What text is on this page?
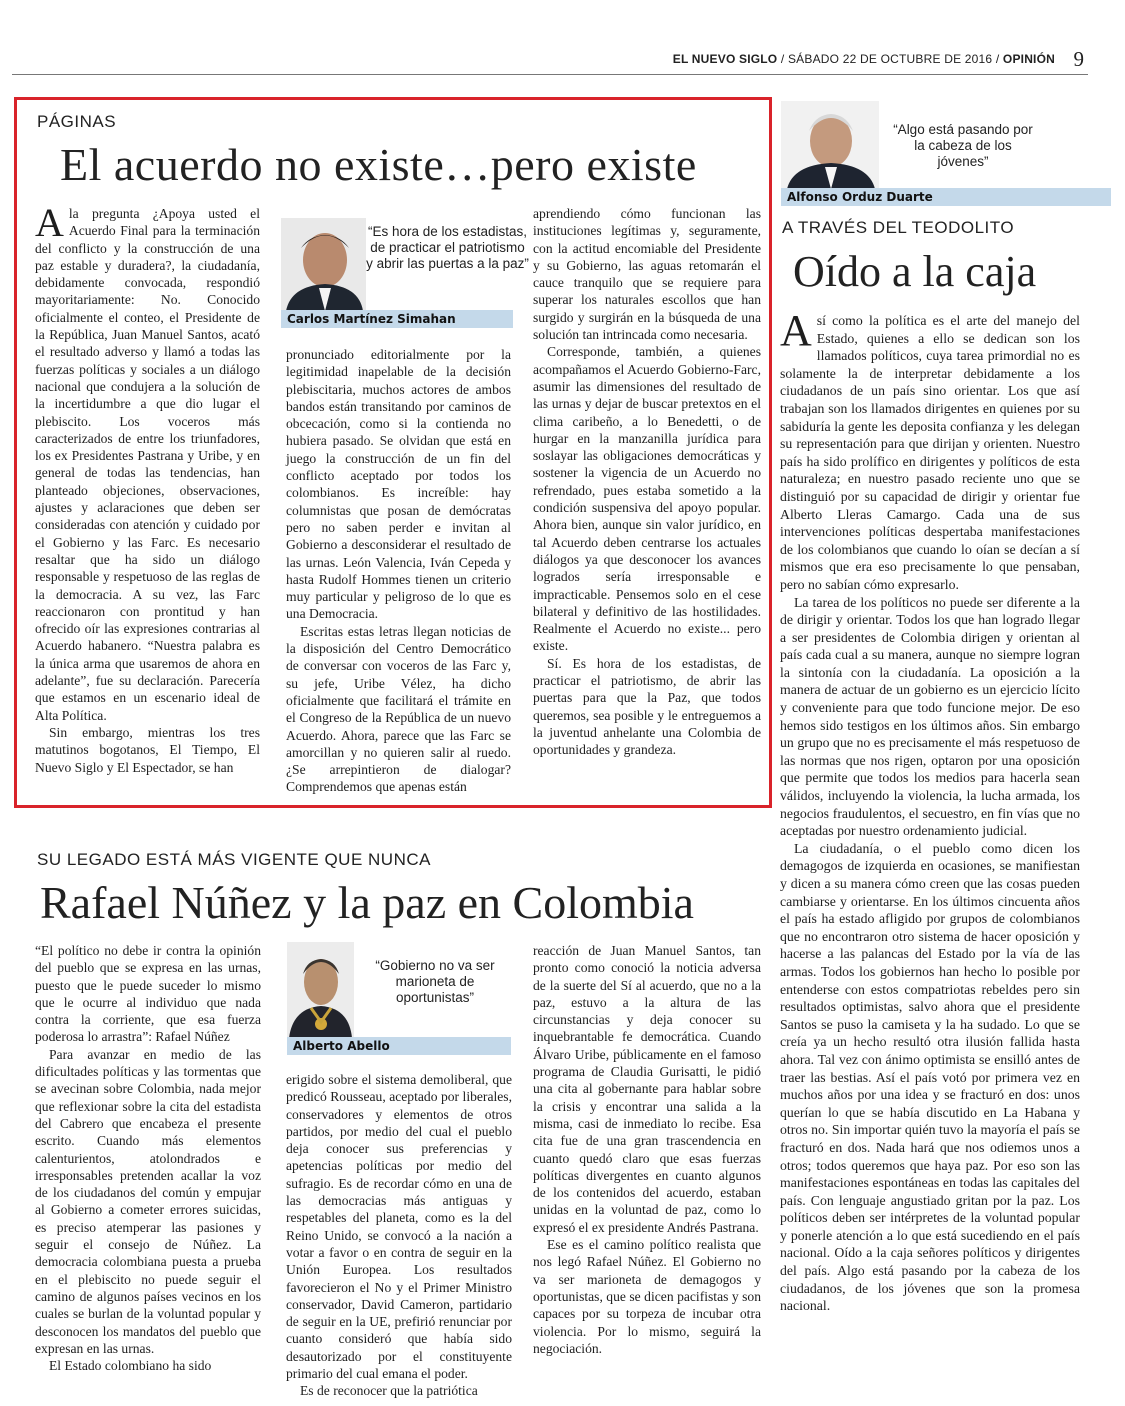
EL NUEVO SIGLO / SÁBADO 22 DE OCTUBRE DE 2016 / OPINIÓN 9
PÁGINAS
El acuerdo no existe…pero existe

Ala pregunta ¿Apoya usted el Acuerdo Final para la terminación del conflicto y la construcción de una paz estable y duradera?, la ciudadanía, debidamente convocada, respondió mayoritariamente: No. Conocido oficialmente el conteo, el Presidente de la República, Juan Manuel Santos, acató el resultado adverso y llamó a todas las fuerzas políticas y sociales a un diálogo nacional que condujera a la solución de la incertidumbre a que dio lugar el plebiscito. Los voceros más caracterizados de entre los triunfadores, los ex Presidentes Pastrana y Uribe, y en general de todas las tendencias, han planteado objeciones, observaciones, ajustes y aclaraciones que deben ser consideradas con atención y cuidado por el Gobierno y las Farc. Es necesario resaltar que ha sido un diálogo responsable y respetuoso de las reglas de la democracia. A su vez, las Farc reaccionaron con prontitud y han ofrecido oír las expresiones contrarias al Acuerdo habanero. “Nuestra palabra es la única arma que usaremos de ahora en adelante”, fue su declaración. Parecería que estamos en un escenario ideal de Alta Política.

Sin embargo, mientras los tres matutinos bogotanos, El Tiempo, El Nuevo Siglo y El Espectador, se han

“Es hora de los estadistas, de practicar el patriotismo y abrir las puertas a la paz”
Carlos Martínez Simahan

pronunciado editorialmente por la legitimidad inapelable de la decisión plebiscitaria, muchos actores de ambos bandos están transitando por caminos de obcecación, como si la contienda no hubiera pasado. Se olvidan que está en juego la construcción de un fin del conflicto aceptado por todos los colombianos. Es increíble: hay columnistas que posan de demócratas pero no saben perder e invitan al Gobierno a desconsiderar el resultado de las urnas. León Valencia, Iván Cepeda y hasta Rudolf Hommes tienen un criterio muy particular y peligroso de lo que es una Democracia.

Escritas estas letras llegan noticias de la disposición del Centro Democrático de conversar con voceros de las Farc y, su jefe, Uribe Vélez, ha dicho oficialmente que facilitará el trámite en el Congreso de la República de un nuevo Acuerdo. Ahora, parece que las Farc se amorcillan y no quieren salir al ruedo. ¿Se arrepintieron de dialogar? Comprendemos que apenas están

aprendiendo cómo funcionan las instituciones legítimas y, seguramente, con la actitud encomiable del Presidente y su Gobierno, las aguas retomarán el cauce tranquilo que se requiere para superar los naturales escollos que han surgido y surgirán en la búsqueda de una solución tan intrincada como necesaria.

Corresponde, también, a quienes acompañamos el Acuerdo Gobierno-Farc, asumir las dimensiones del resultado de las urnas y dejar de buscar pretextos en el clima caribeño, a lo Benedetti, o de hurgar en la manzanilla jurídica para soslayar las obligaciones democráticas y sostener la vigencia de un Acuerdo no refrendado, pues estaba sometido a la condición suspensiva del apoyo popular. Ahora bien, aunque sin valor jurídico, en tal Acuerdo deben centrarse los actuales diálogos ya que desconocer los avances logrados sería irresponsable e impracticable. Pensemos solo en el cese bilateral y definitivo de las hostilidades. Realmente el Acuerdo no existe... pero existe.

Sí. Es hora de los estadistas, de practicar el patriotismo, de abrir las puertas para que la Paz, que todos queremos, sea posible y le entreguemos a la juventud anhelante una Colombia de oportunidades y grandeza.

SU LEGADO ESTÁ MÁS VIGENTE QUE NUNCA
Rafael Núñez y la paz en Colombia

“El político no debe ir contra la opinión del pueblo que se expresa en las urnas, puesto que le puede suceder lo mismo que le ocurre al individuo que nada contra la corriente, que esa fuerza poderosa lo arrastra”: Rafael Núñez

Para avanzar en medio de las dificultades políticas y las tormentas que se avecinan sobre Colombia, nada mejor que reflexionar sobre la cita del estadista del Cabrero que encabeza el presente escrito. Cuando más elementos calenturientos, atolondrados e irresponsables pretenden acallar la voz de los ciudadanos del común y empujar al Gobierno a cometer errores suicidas, es preciso atemperar las pasiones y seguir el consejo de Núñez. La democracia colombiana puesta a prueba en el plebiscito no puede seguir el camino de algunos países vecinos en los cuales se burlan de la voluntad popular y desconocen los mandatos del pueblo que expresan en las urnas.

El Estado colombiano ha sido

“Gobierno no va ser marioneta de oportunistas”
Alberto Abello

erigido sobre el sistema demoliberal, que predicó Rousseau, aceptado por liberales, conservadores y elementos de otros partidos, por medio del cual el pueblo deja conocer sus preferencias y apetencias políticas por medio del sufragio. Es de recordar cómo en una de las democracias más antiguas y respetables del planeta, como es la del Reino Unido, se convocó a la nación a votar a favor o en contra de seguir en la Unión Europea. Los resultados favorecieron el No y el Primer Ministro conservador, David Cameron, partidario de seguir en la UE, prefirió renunciar por cuanto consideró que había sido desautorizado por el constituyente primario del cual emana el poder.

Es de reconocer que la patriótica

reacción de Juan Manuel Santos, tan pronto como conoció la noticia adversa de la suerte del Sí al acuerdo, que no a la paz, estuvo a la altura de las circunstancias y deja conocer su inquebrantable fe democrática. Cuando Álvaro Uribe, públicamente en el famoso programa de Claudia Gurisatti, le pidió una cita al gobernante para hablar sobre la crisis y encontrar una salida a la misma, casi de inmediato lo recibe. Esa cita fue de una gran trascendencia en cuanto quedó claro que esas fuerzas políticas divergentes en cuanto algunos de los contenidos del acuerdo, estaban unidas en la voluntad de paz, como lo expresó el ex presidente Andrés Pastrana.

Ese es el camino político realista que nos legó Rafael Núñez. El Gobierno no va ser marioneta de demagogos y oportunistas, que se dicen pacifistas y son capaces por su torpeza de incubar otra violencia. Por lo mismo, seguirá la negociación.

“Algo está pasando por la cabeza de los jóvenes”
Alfonso Orduz Duarte
A TRAVÉS DEL TEODOLITO
Oído a la caja

Así como la política es el arte del manejo del Estado, quienes a ello se dedican son los llamados políticos, cuya tarea primordial no es solamente la de interpretar debidamente a los ciudadanos de un país sino orientar. Los que así trabajan son los llamados dirigentes en quienes por su sabiduría la gente les deposita confianza y les delegan su representación para que dirijan y orienten. Nuestro país ha sido prolífico en dirigentes y políticos de esta naturaleza; en nuestro pasado reciente uno que se distinguió por su capacidad de dirigir y orientar fue Alberto Lleras Camargo. Cada una de sus intervenciones políticas despertaba manifestaciones de los colombianos que cuando lo oían se decían a sí mismos que era eso precisamente lo que pensaban, pero no sabían cómo expresarlo.

La tarea de los políticos no puede ser diferente a la de dirigir y orientar. Todos los que han logrado llegar a ser presidentes de Colombia dirigen y orientan al país cada cual a su manera, aunque no siempre logran la sintonía con la ciudadanía. La oposición a la manera de actuar de un gobierno es un ejercicio lícito y conveniente para que todo funcione mejor. De eso hemos sido testigos en los últimos años. Sin embargo un grupo que no es precisamente el más respetuoso de las normas que nos rigen, optaron por una oposición que permite que todos los medios para hacerla sean válidos, incluyendo la violencia, la lucha armada, los negocios fraudulentos, el secuestro, en fin vías que no aceptadas por nuestro ordenamiento judicial.

La ciudadanía, o el pueblo como dicen los demagogos de izquierda en ocasiones, se manifiestan y dicen a su manera cómo creen que las cosas pueden cambiarse y orientarse. En los últimos cincuenta años el país ha estado afligido por grupos de colombianos que no encontraron otro sistema de hacer oposición y hacerse a las palancas del Estado por la vía de las armas. Todos los gobiernos han hecho lo posible por entenderse con estos compatriotas rebeldes pero sin resultados optimistas, salvo ahora que el presidente Santos se puso la camiseta y la ha sudado. Lo que se creía ya un hecho resultó otra ilusión fallida hasta ahora. Tal vez con ánimo optimista se ensilló antes de traer las bestias. Así el país votó por primera vez en muchos años por una idea y se fracturó en dos: unos querían lo que se había discutido en La Habana y otros no. Sin importar quién tuvo la mayoría el país se fracturó en dos. Nada hará que nos odiemos unos a otros; todos queremos que haya paz. Por eso son las manifestaciones espontáneas en todas las capitales del país. Con lenguaje angustiado gritan por la paz. Los políticos deben ser intérpretes de la voluntad popular y ponerle atención a lo que está sucediendo en el país nacional. Oído a la caja señores políticos y dirigentes del país. Algo está pasando por la cabeza de los ciudadanos, de los jóvenes que son la promesa nacional.
